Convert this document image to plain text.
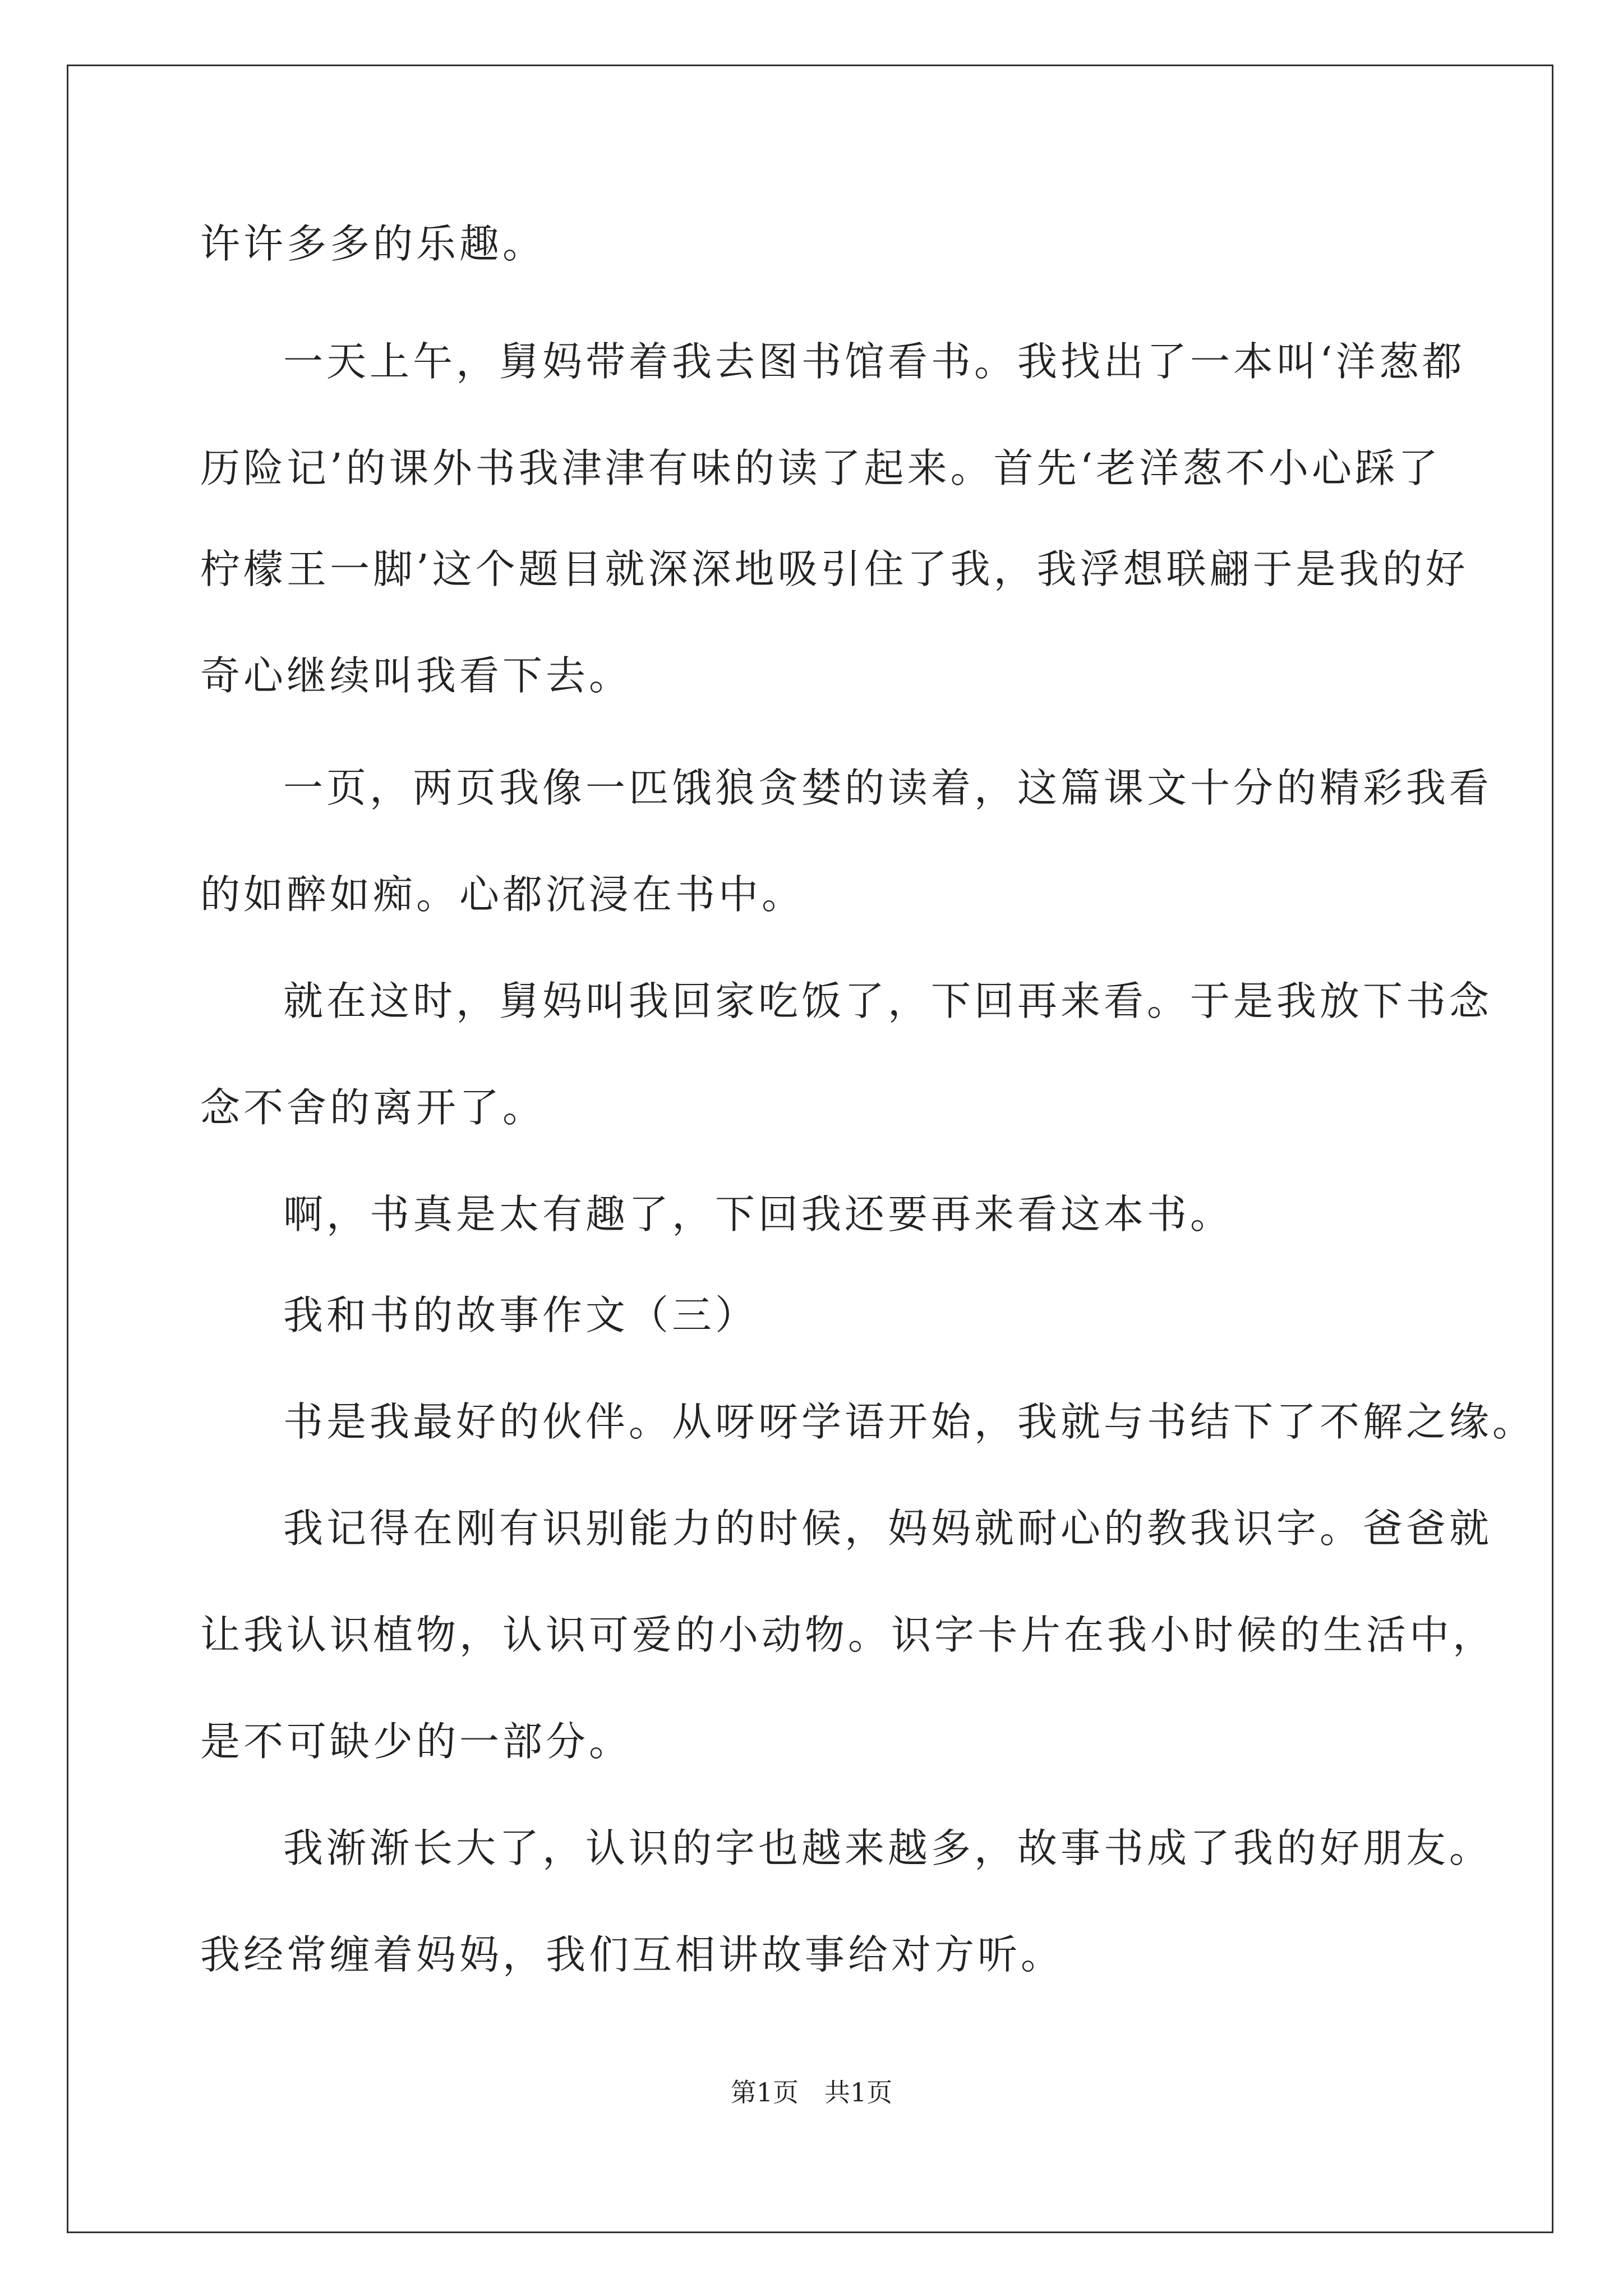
许许多多的乐趣。
一天上午，舅妈带着我去图书馆看书。我找出了一本叫‘洋葱都
历险记’的课外书我津津有味的读了起来。首先‘老洋葱不小心踩了
柠檬王一脚’这个题目就深深地吸引住了我，我浮想联翩于是我的好
奇心继续叫我看下去。
一页，两页我像一匹饿狼贪婪的读着，这篇课文十分的精彩我看
的如醉如痴。心都沉浸在书中。
就在这时，舅妈叫我回家吃饭了，下回再来看。于是我放下书念
念不舍的离开了。
啊，书真是太有趣了，下回我还要再来看这本书。
我和书的故事作文（三）
书是我最好的伙伴。从呀呀学语开始，我就与书结下了不解之缘。
我记得在刚有识别能力的时候，妈妈就耐心的教我识字。爸爸就
让我认识植物，认识可爱的小动物。识字卡片在我小时候的生活中，
是不可缺少的一部分。
我渐渐长大了，认识的字也越来越多，故事书成了我的好朋友。
我经常缠着妈妈，我们互相讲故事给对方听。
第1页 共1页
